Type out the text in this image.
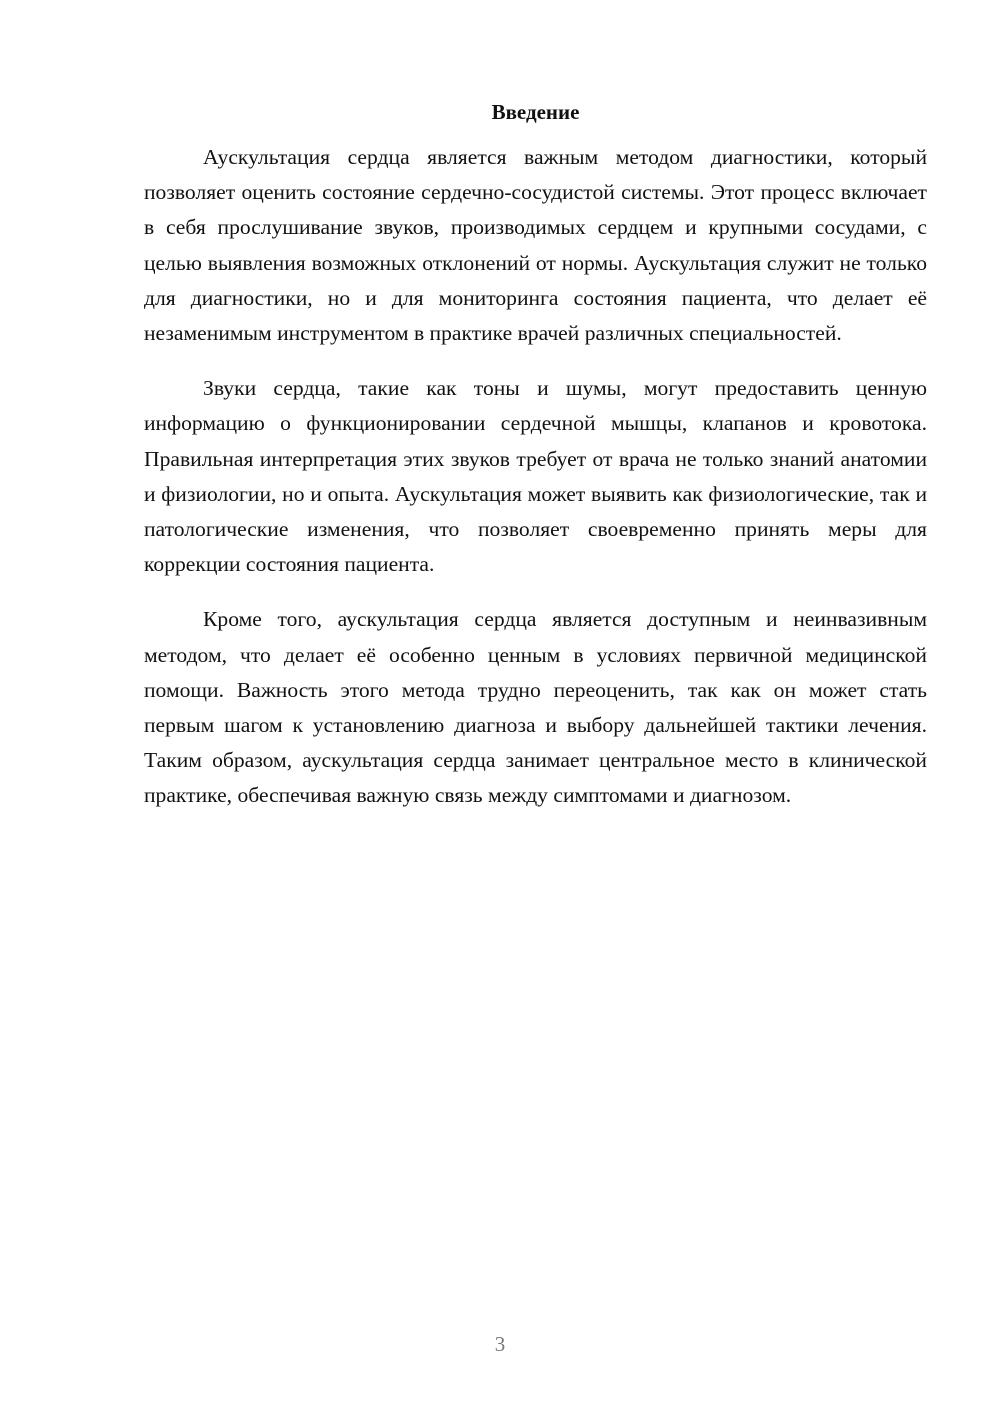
Введение

Аускультация сердца является важным методом диагностики, который позволяет оценить состояние сердечно-сосудистой системы. Этот процесс включает в себя прослушивание звуков, производимых сердцем и крупными сосудами, с целью выявления возможных отклонений от нормы. Аускультация служит не только для диагностики, но и для мониторинга состояния пациента, что делает её незаменимым инструментом в практике врачей различных специальностей.

Звуки сердца, такие как тоны и шумы, могут предоставить ценную информацию о функционировании сердечной мышцы, клапанов и кровотока. Правильная интерпретация этих звуков требует от врача не только знаний анатомии и физиологии, но и опыта. Аускультация может выявить как физиологические, так и патологические изменения, что позволяет своевременно принять меры для коррекции состояния пациента.

Кроме того, аускультация сердца является доступным и неинвазивным методом, что делает её особенно ценным в условиях первичной медицинской помощи. Важность этого метода трудно переоценить, так как он может стать первым шагом к установлению диагноза и выбору дальнейшей тактики лечения. Таким образом, аускультация сердца занимает центральное место в клинической практике, обеспечивая важную связь между симптомами и диагнозом.

3
